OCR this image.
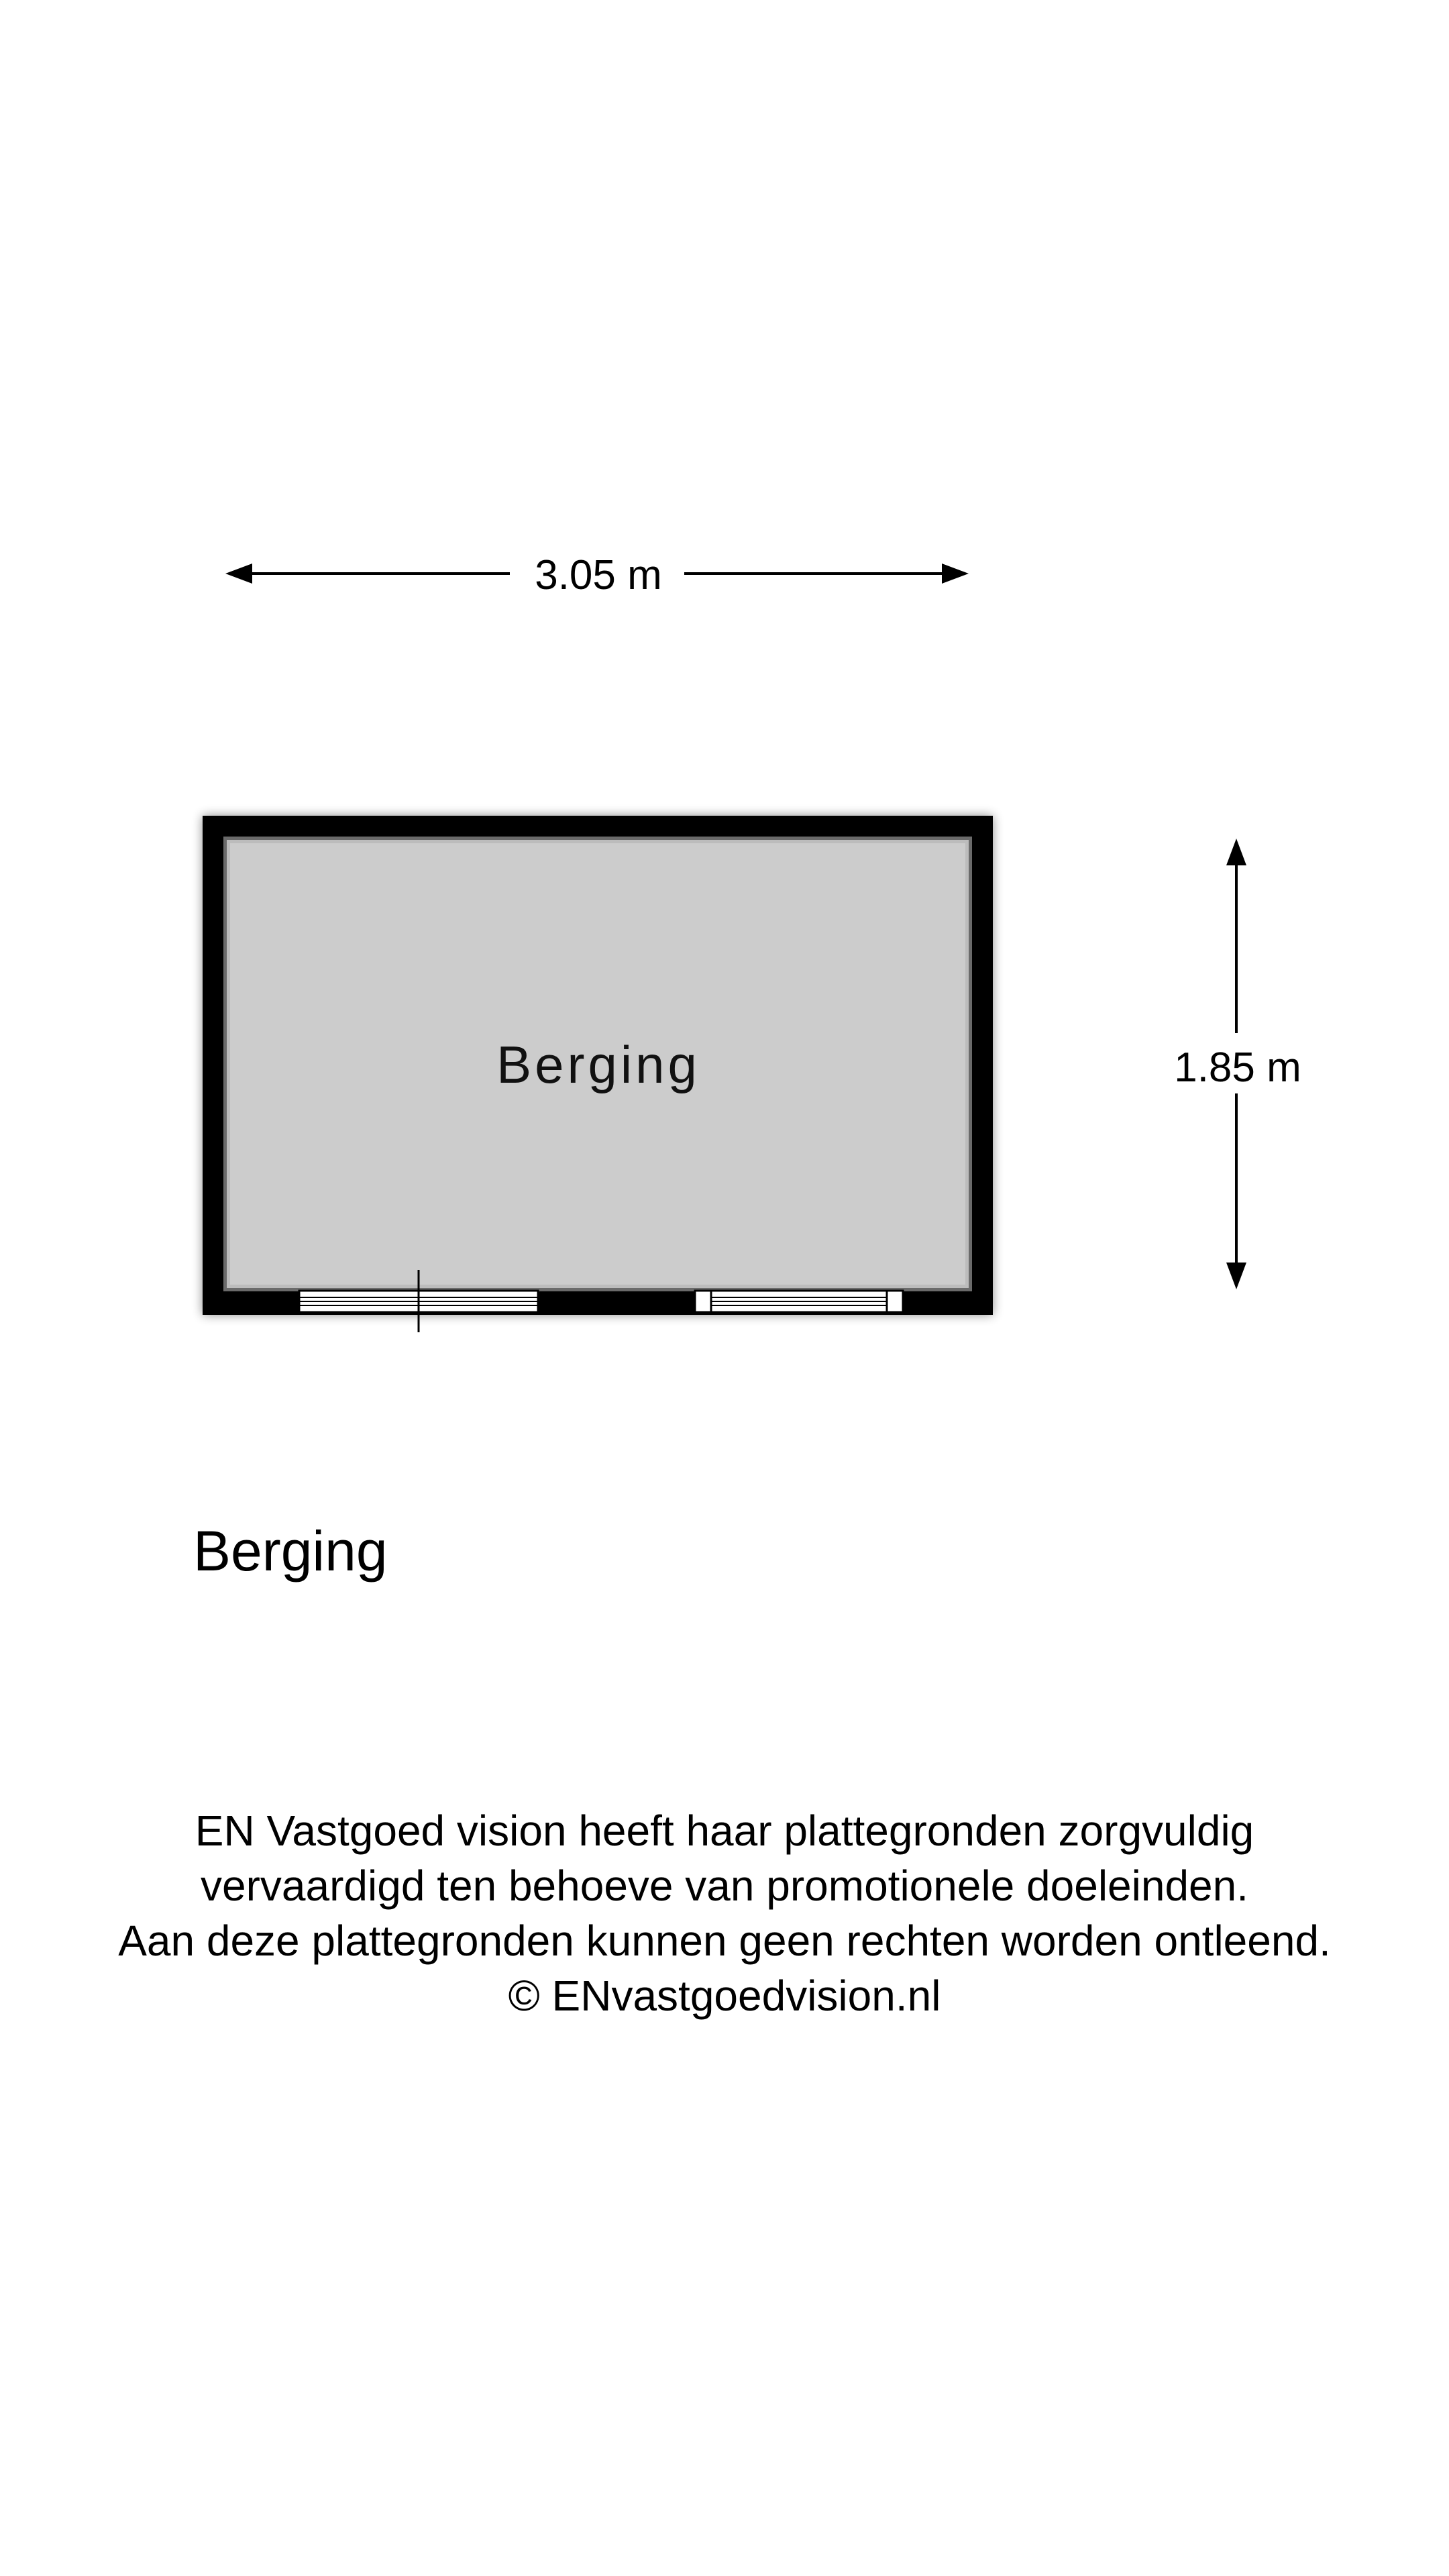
3.05 m
Berging	1.85 m
Berging
EN Vastgoed vision heeft haar plattegronden zorgvuldig
vervaardigd ten behoeve van promotionele doeleinden.
Aan deze plattegronden kunnen geen rechten worden ontleend.
© ENvastgoedvision.nl
